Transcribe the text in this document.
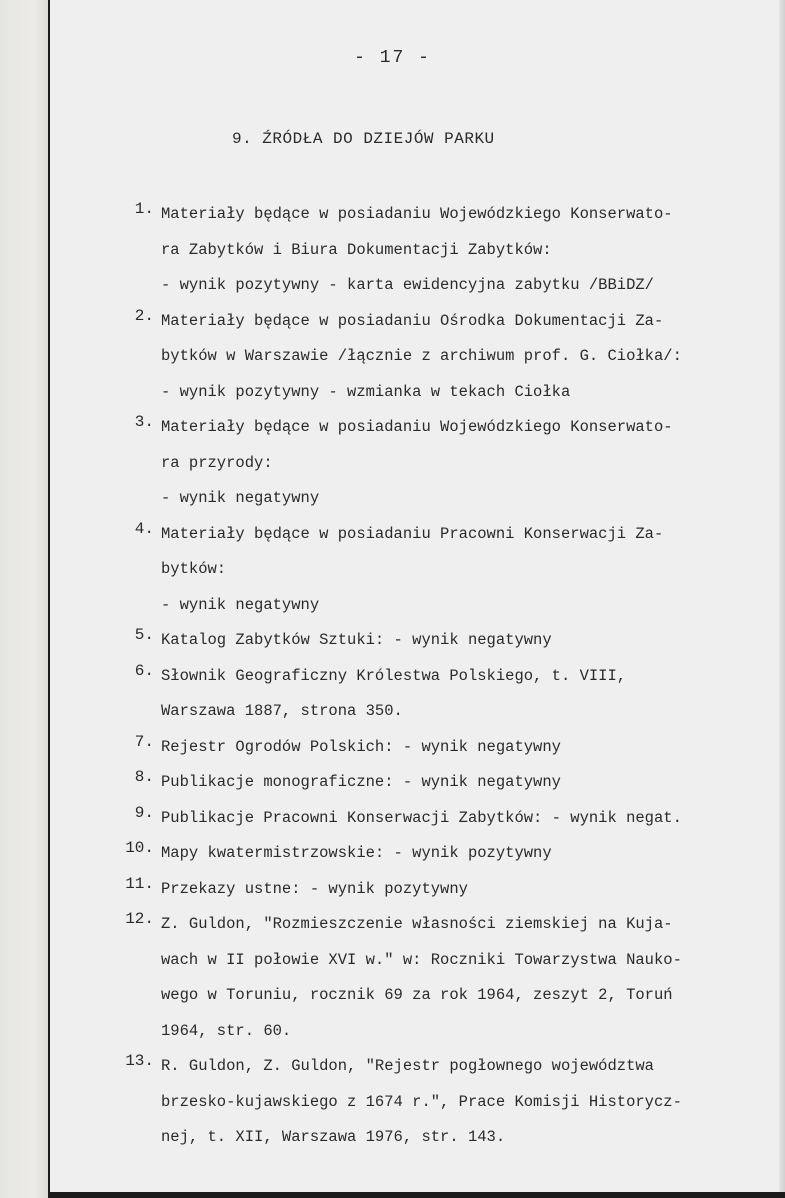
- 17 -
9. ŹRÓDŁA DO DZIEJÓW PARKU
1. Materiały będące w posiadaniu Wojewódzkiego Konserwato-
ra Zabytków i Biura Dokumentacji Zabytków:
- wynik pozytywny - karta ewidencyjna zabytku /BBiDZ/
2. Materiały będące w posiadaniu Ośrodka Dokumentacji Za-
bytków w Warszawie /łącznie z archiwum prof. G. Ciołka/:
- wynik pozytywny - wzmianka w tekach Ciołka
3. Materiały będące w posiadaniu Wojewódzkiego Konserwato-
ra przyrody:
- wynik negatywny
4. Materiały będące w posiadaniu Pracowni Konserwacji Za-
bytków:
- wynik negatywny
5. Katalog Zabytków Sztuki: - wynik negatywny
6. Słownik Geograficzny Królestwa Polskiego, t. VIII,
Warszawa 1887, strona 350.
7. Rejestr Ogrodów Polskich: - wynik negatywny
8. Publikacje monograficzne: - wynik negatywny
9. Publikacje Pracowni Konserwacji Zabytków: - wynik negat.
10. Mapy kwatermistrzowskie: - wynik pozytywny
11. Przekazy ustne: - wynik pozytywny
12. Z. Guldon, "Rozmieszczenie własności ziemskiej na Kuja-
wach w II połowie XVI w." w: Roczniki Towarzystwa Nauko-
wego w Toruniu, rocznik 69 za rok 1964, zeszyt 2, Toruń
1964, str. 60.
13. R. Guldon, Z. Guldon, "Rejestr pogłownego województwa
brzesko-kujawskiego z 1674 r.", Prace Komisji Historycz-
nej, t. XII, Warszawa 1976, str. 143.
